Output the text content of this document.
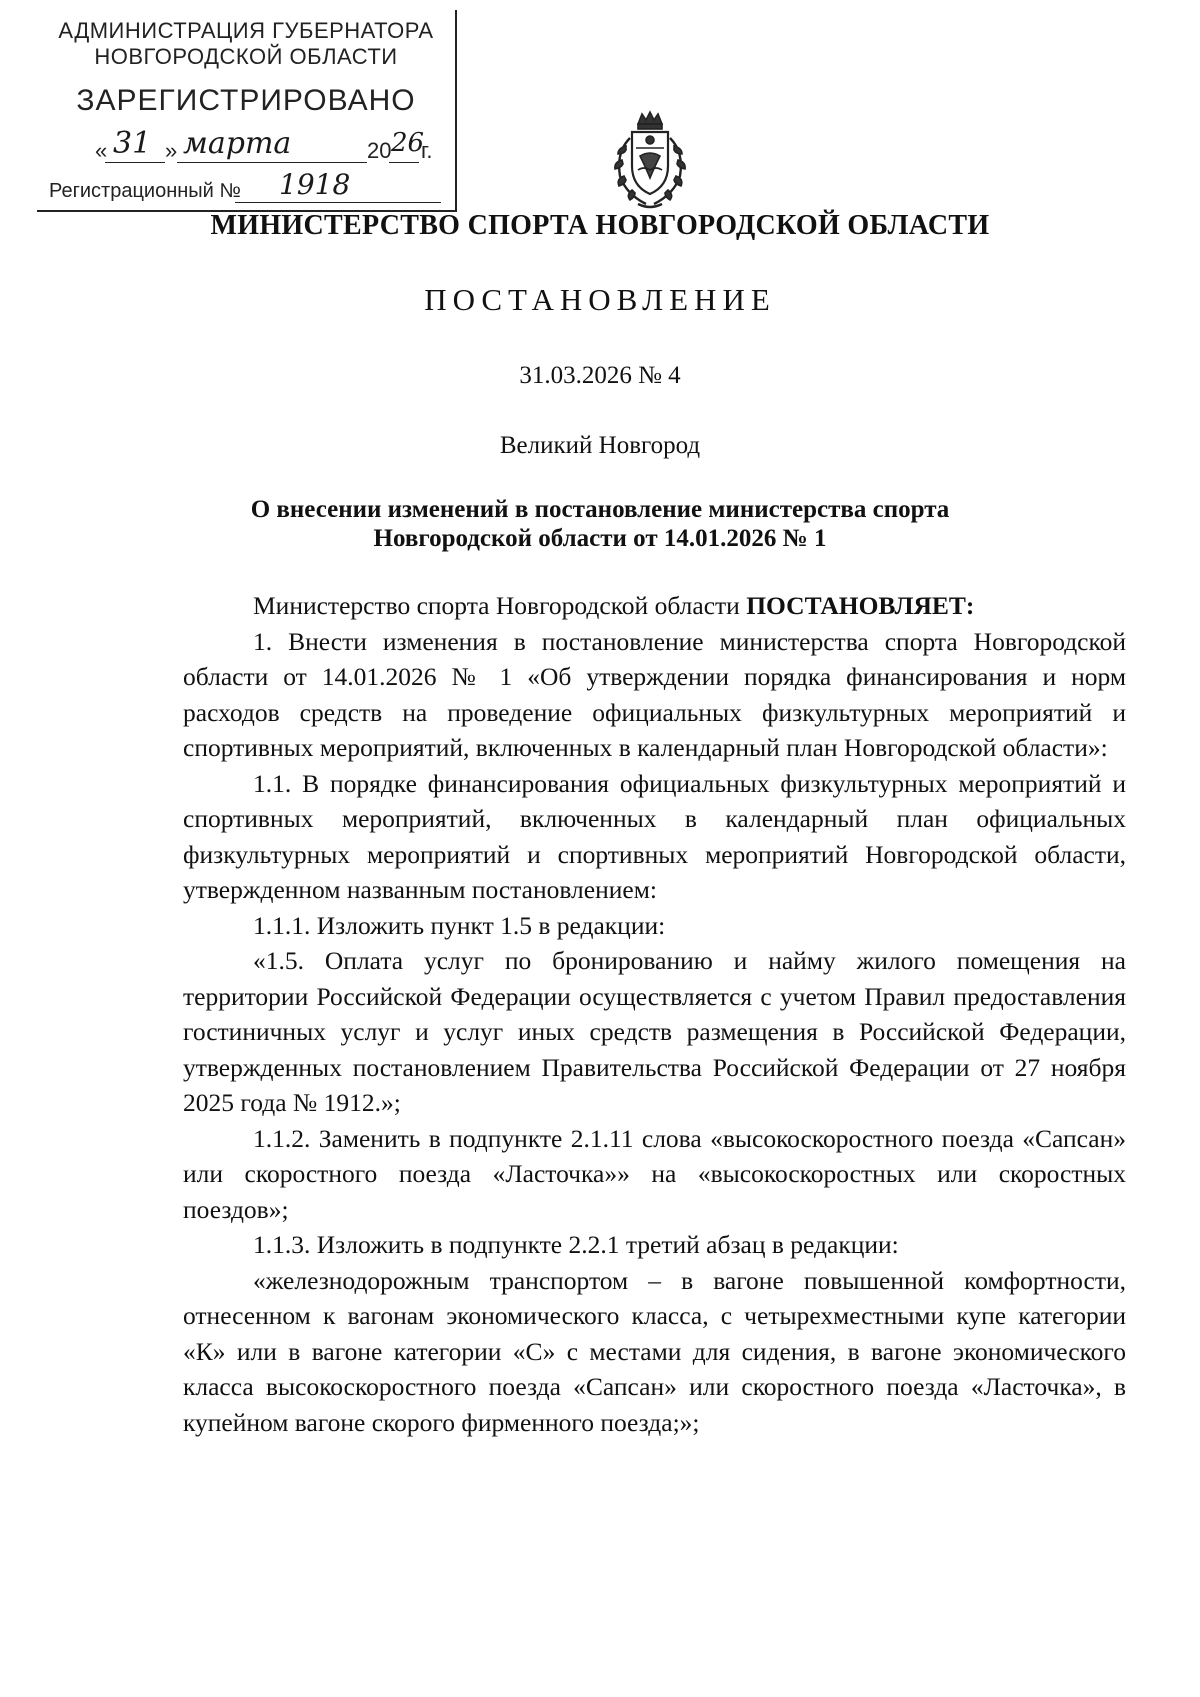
АДМИНИСТРАЦИЯ ГУБЕРНАТОРА
НОВГОРОДСКОЙ ОБЛАСТИ
ЗАРЕГИСТРИРОВАНО
« 31 » марта	20 26
г.
Регистрационный № 1918
МИНИСТЕРСТВО СПОРТА НОВГОРОДСКОЙ ОБЛАСТИ
ПОСТАНОВЛЕНИЕ
31.03.2026 № 4
Великий Новгород
О внесении изменений в постановление министерства спорта
Новгородской области от 14.01.2026 № 1

Министерство спорта Новгородской области ПОСТАНОВЛЯЕТ:

1. Внести изменения в постановление министерства спорта Новгородской области от 14.01.2026 № 1 «Об утверждении порядка финансирования и норм расходов средств на проведение официальных физкультурных мероприятий и спортивных мероприятий, включенных в календарный план Новгородской области»:

1.1. В порядке финансирования официальных физкультурных мероприятий и спортивных мероприятий, включенных в календарный план официальных физкультурных мероприятий и спортивных мероприятий Новгородской области, утвержденном названным постановлением:

1.1.1. Изложить пункт 1.5 в редакции:

«1.5. Оплата услуг по бронированию и найму жилого помещения на территории Российской Федерации осуществляется с учетом Правил предоставления гостиничных услуг и услуг иных средств размещения в Российской Федерации, утвержденных постановлением Правительства Российской Федерации от 27 ноября 2025 года № 1912.»;

1.1.2. Заменить в подпункте 2.1.11 слова «высокоскоростного поезда «Сапсан» или скоростного поезда «Ласточка»» на «высокоскоростных или скоростных поездов»;

1.1.3. Изложить в подпункте 2.2.1 третий абзац в редакции:

«железнодорожным транспортом – в вагоне повышенной комфортности, отнесенном к вагонам экономического класса, с четырехместными купе категории «К» или в вагоне категории «С» с местами для сидения, в вагоне экономического класса высокоскоростного поезда «Сапсан» или скоростного поезда «Ласточка», в купейном вагоне скорого фирменного поезда;»;
